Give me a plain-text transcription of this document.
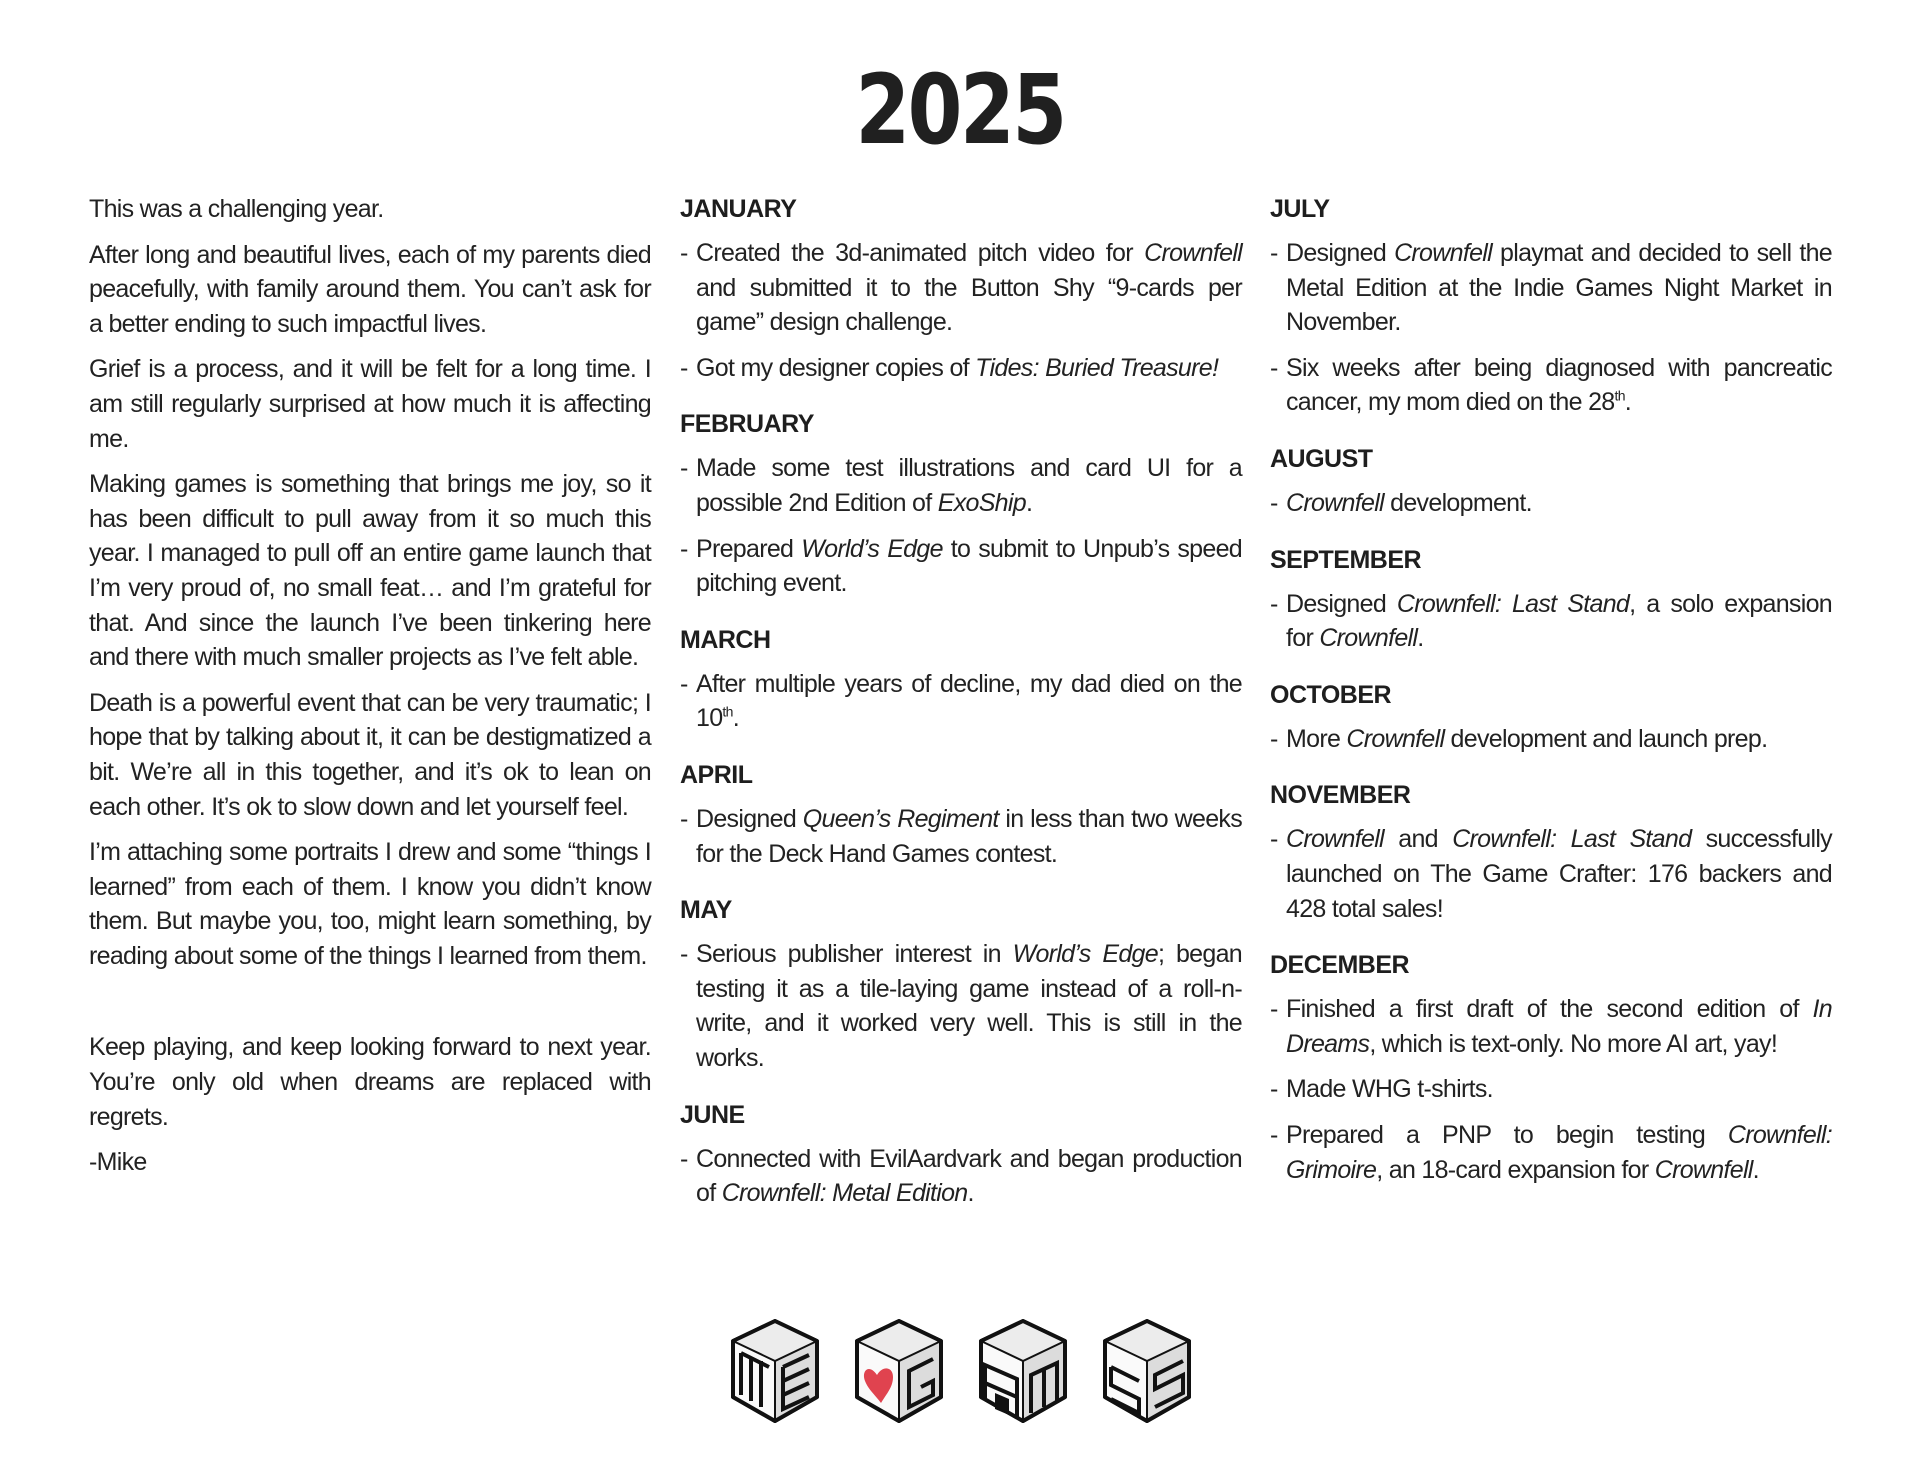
2025

This was a challenging year.

After long and beautiful lives, each of my parents died peacefully, with family around them. You can’t ask for a better ending to such impactful lives.

Grief is a process, and it will be felt for a long time. I am still regularly surprised at how much it is affecting me.

Making games is something that brings me joy, so it has been difficult to pull away from it so much this year. I managed to pull off an entire game launch that I’m very proud of, no small feat… and I’m grateful for that. And since the launch I’ve been tinkering here and there with much smaller projects as I’ve felt able.

Death is a powerful event that can be very traumatic; I hope that by talking about it, it can be destigmatized a bit. We’re all in this together, and it’s ok to lean on each other. It’s ok to slow down and let yourself feel.

I’m attaching some portraits I drew and some “things I learned” from each of them. I know you didn’t know them. But maybe you, too, might learn something, by reading about some of the things I learned from them.

Keep playing, and keep looking forward to next year. You’re only old when dreams are replaced with regrets.

-Mike

JANUARY

- Created the 3d-animated pitch video for Crownfell and submitted it to the Button Shy “9-cards per game” design challenge.

- Got my designer copies of Tides: Buried Treasure!

FEBRUARY

- Made some test illustrations and card UI for a possible 2nd Edition of ExoShip.

- Prepared World’s Edge to submit to Unpub’s speed pitching event.

MARCH

- After multiple years of decline, my dad died on the 10th.

APRIL

- Designed Queen’s Regiment in less than two weeks for the Deck Hand Games contest.

MAY

- Serious publisher interest in World’s Edge; began testing it as a tile-laying game instead of a roll-n-write, and it worked very well. This is still in the works.

JUNE

- Connected with EvilAardvark and began production of Crownfell: Metal Edition.

JULY

- Designed Crownfell playmat and decided to sell the Metal Edition at the Indie Games Night Market in November.

- Six weeks after being diagnosed with pancreatic cancer, my mom died on the 28th.

AUGUST

- Crownfell development.

SEPTEMBER

- Designed Crownfell: Last Stand, a solo expansion for Crownfell.

OCTOBER

- More Crownfell development and launch prep.

NOVEMBER

- Crownfell and Crownfell: Last Stand successfully launched on The Game Crafter: 176 backers and 428 total sales!

DECEMBER

- Finished a first draft of the second edition of In Dreams, which is text-only. No more AI art, yay!

- Made WHG t-shirts.

- Prepared a PNP to begin testing Crownfell: Grimoire, an 18-card expansion for Crownfell.
